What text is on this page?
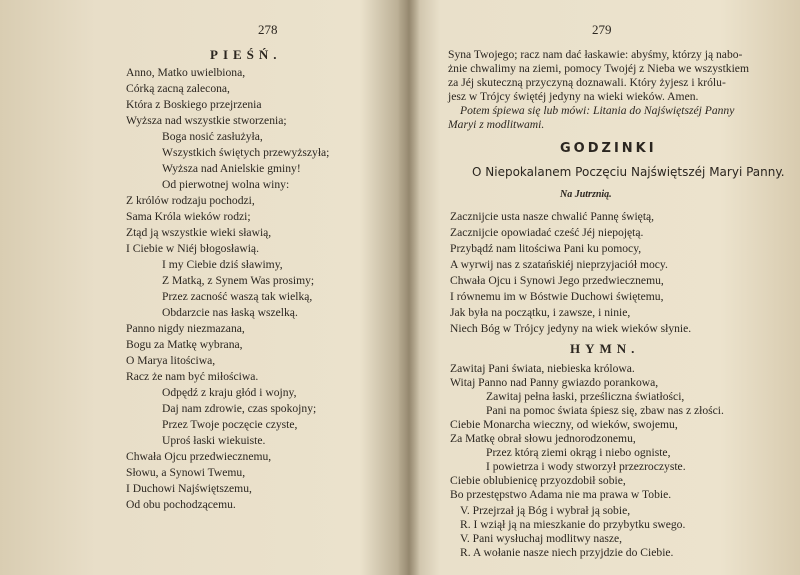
278
PIEŚŃ.
Anno, Matko uwielbiona,
Córką zacną zalecona,
Która z Boskiego przejrzenia
Wyższa nad wszystkie stworzenia;
Boga nosić zasłużyła,
Wszystkich świętych przewyższyła;
Wyższa nad Anielskie gminy!
Od pierwotnej wolna winy:
Z królów rodzaju pochodzi,
Sama Króla wieków rodzi;
Ztąd ją wszystkie wieki sławią,
I Ciebie w Niéj błogosławią.
I my Ciebie dziś sławimy,
Z Matką, z Synem Was prosimy;
Przez zacność waszą tak wielką,
Obdarzcie nas łaską wszelką.
Panno nigdy niezmazana,
Bogu za Matkę wybrana,
O Marya litościwa,
Racz że nam być miłościwa.
Odpędź z kraju głód i wojny,
Daj nam zdrowie, czas spokojny;
Przez Twoje poczęcie czyste,
Uproś łaski wiekuiste.
Chwała Ojcu przedwiecznemu,
Słowu, a Synowi Twemu,
I Duchowi Najświętszemu,
Od obu pochodzącemu.
279
Syna Twojego; racz nam dać łaskawie: abyśmy, którzy ją nabo-
żnie chwalimy na ziemi, pomocy Twojéj z Nieba we wszystkiem
za Jéj skuteczną przyczyną doznawali. Który żyjesz i królu-
jesz w Trójcy świętéj jedyny na wieki wieków. Amen.
Potem śpiewa się lub mówi: Litania do Najświętszéj Panny
Maryi z modlitwami.
GODZINKI
O Niepokalanem Poczęciu Najświętszéj Maryi Panny.
Na Jutrznią.
Zacznijcie usta nasze chwalić Pannę świętą,
Zacznijcie opowiadać cześć Jéj niepojętą.
Przybądź nam litościwa Pani ku pomocy,
A wyrwij nas z szatańskiéj nieprzyjaciół mocy.
Chwała Ojcu i Synowi Jego przedwiecznemu,
I równemu im w Bóstwie Duchowi świętemu,
Jak była na początku, i zawsze, i ninie,
Niech Bóg w Trójcy jedyny na wiek wieków słynie.
HYMN.
Zawitaj Pani świata, niebieska królowa.
Witaj Panno nad Panny gwiazdo porankowa,
Zawitaj pełna łaski, prześliczna światłości,
Pani na pomoc świata śpiesz się, zbaw nas z złości.
Ciebie Monarcha wieczny, od wieków, swojemu,
Za Matkę obrał słowu jednorodzonemu,
Przez którą ziemi okrąg i niebo ogniste,
I powietrza i wody stworzył przezroczyste.
Ciebie oblubienicę przyozdobił sobie,
Bo przestępstwo Adama nie ma prawa w Tobie.
V. Przejrzał ją Bóg i wybrał ją sobie,
R. I wziął ją na mieszkanie do przybytku swego.
V. Pani wysłuchaj modlitwy nasze,
R. A wołanie nasze niech przyjdzie do Ciebie.
